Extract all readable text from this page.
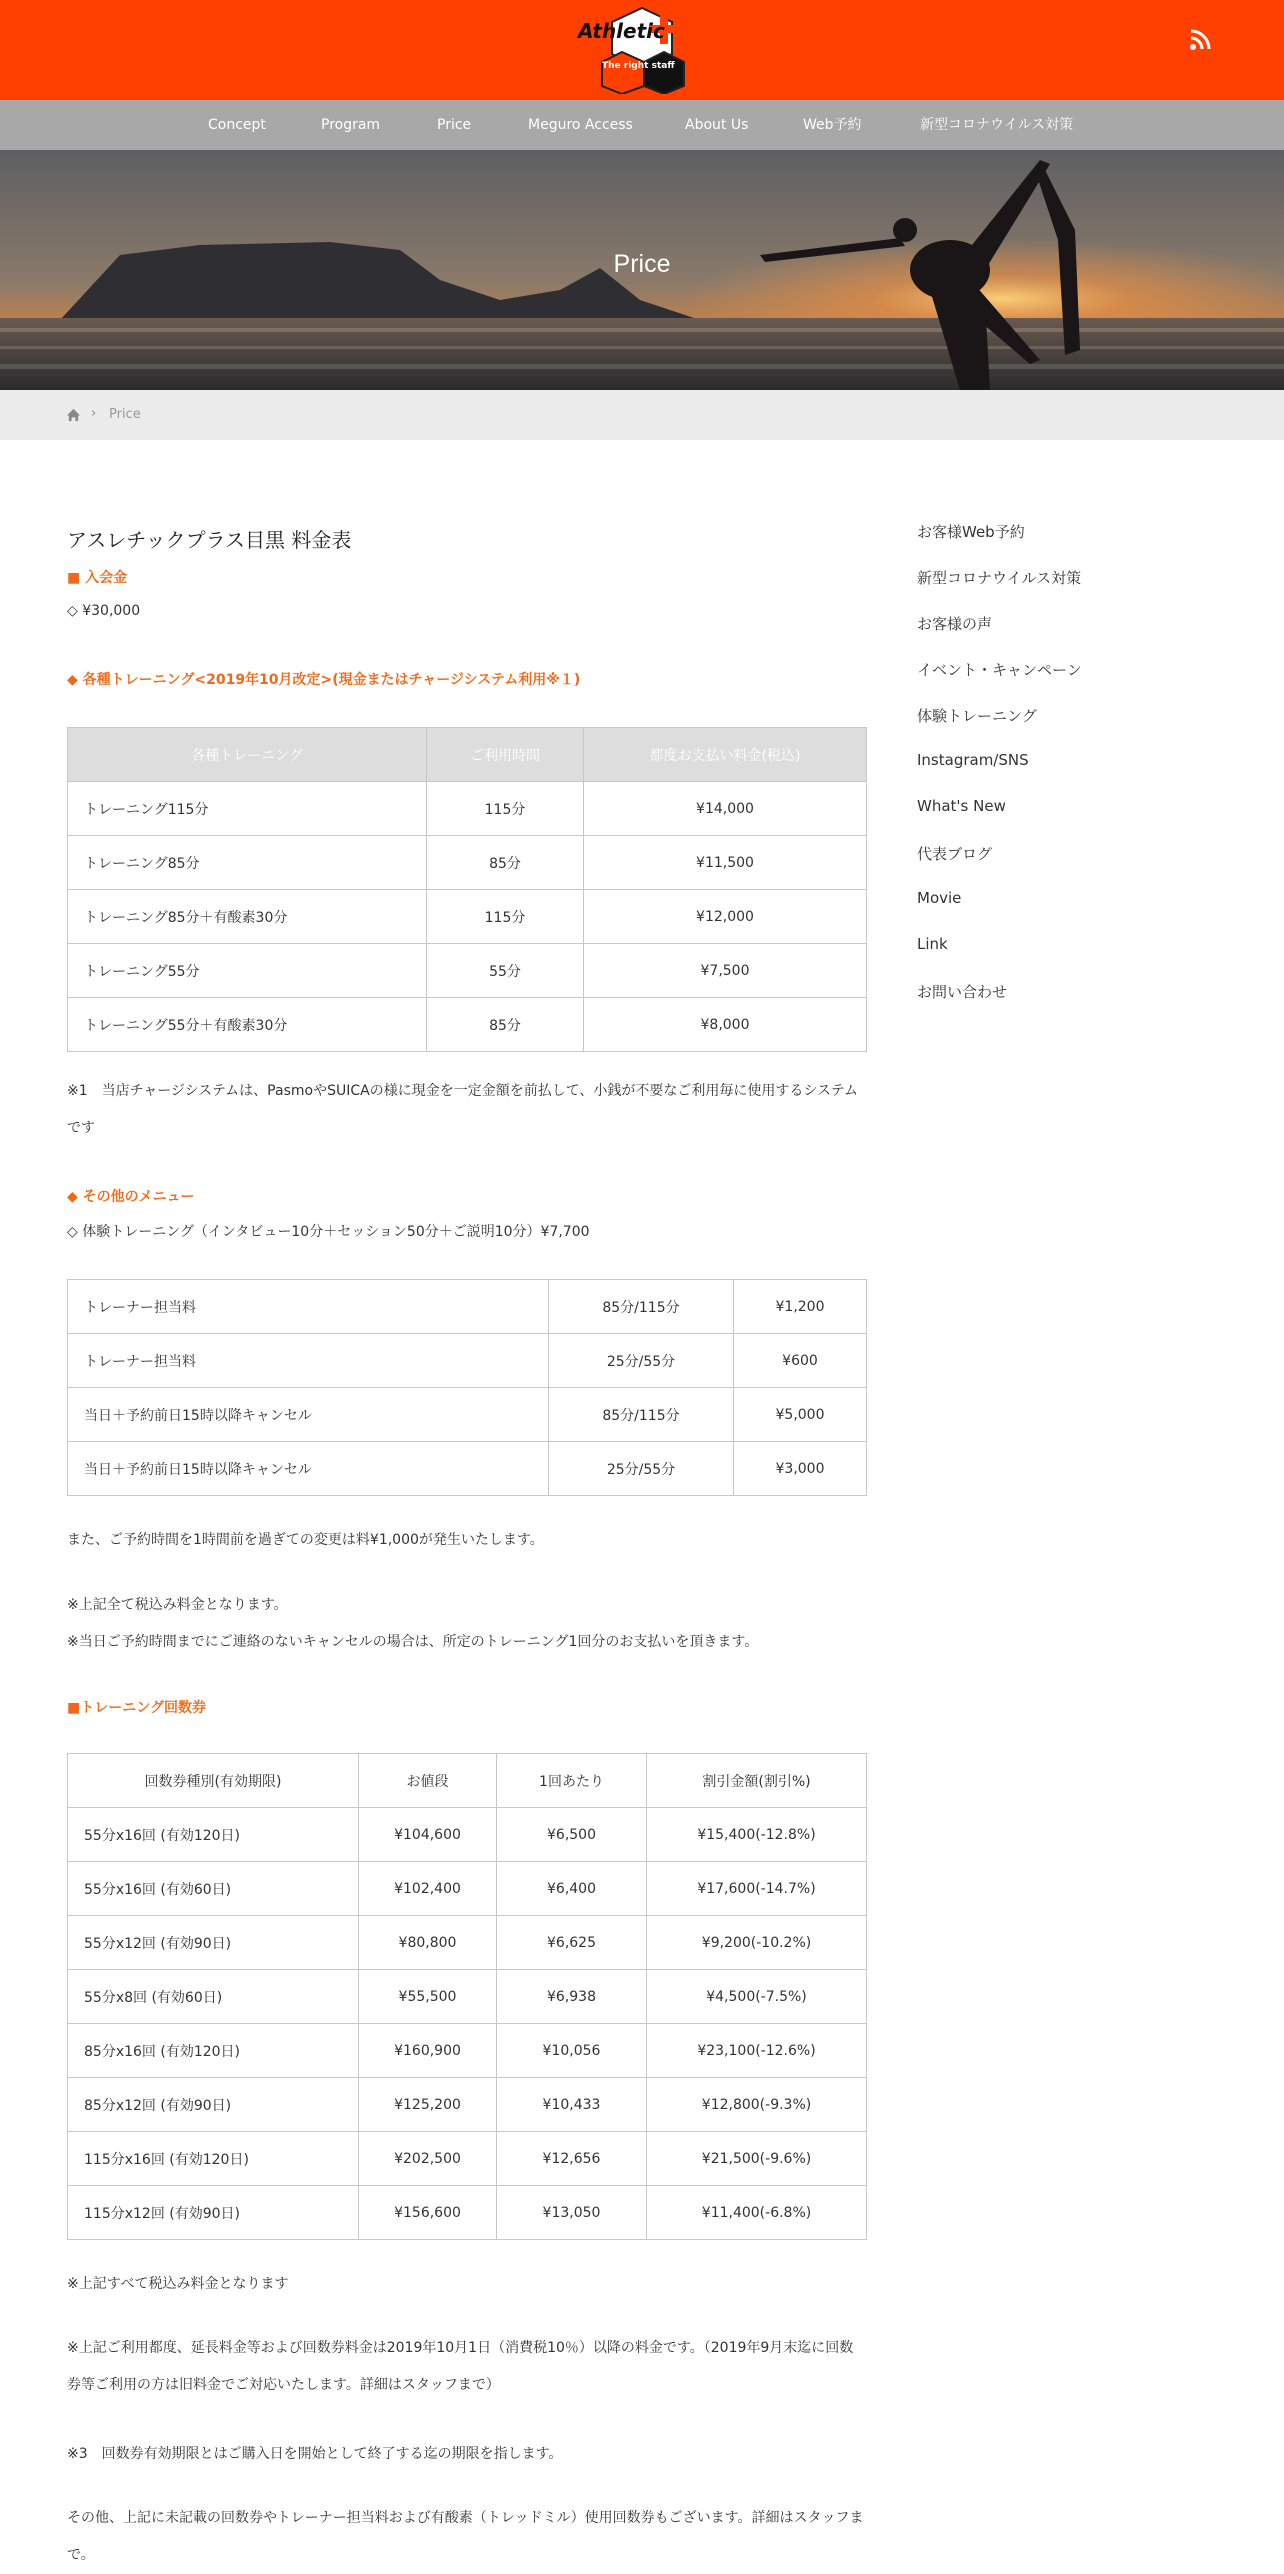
Athletic
The right staff
Concept	Program	Price	Meguro Access	About Us	Web予約	新型コロナウイルス対策
Price
› Price
アスレチックプラス目黒 料金表
■ 入会金
◇ ¥30,000
◆ 各種トレーニング<2019年10月改定>(現金またはチャージシステム利用※１)
各種トレーニング	ご利用時間	都度お支払い料金(税込)
トレーニング115分	115分	¥14,000
トレーニング85分	85分	¥11,500
トレーニング85分＋有酸素30分	115分	¥12,000
トレーニング55分	55分	¥7,500
トレーニング55分＋有酸素30分	85分	¥8,000
※1　当店チャージシステムは、PasmoやSUICAの様に現金を一定金額を前払して、小銭が不要なご利用毎に使用するシステムです
◆ その他のメニュー
◇ 体験トレーニング（インタビュー10分＋セッション50分＋ご説明10分）¥7,700
トレーナー担当料	85分/115分	¥1,200
トレーナー担当料	25分/55分	¥600
当日＋予約前日15時以降キャンセル	85分/115分	¥5,000
当日＋予約前日15時以降キャンセル	25分/55分	¥3,000
また、ご予約時間を1時間前を過ぎての変更は料¥1,000が発生いたします。
※上記全て税込み料金となります。
※当日ご予約時間までにご連絡のないキャンセルの場合は、所定のトレーニング1回分のお支払いを頂きます。
■トレーニング回数券
回数券種別(有効期限)	お値段	1回あたり	割引金額(割引%)
55分x16回 (有効120日)	¥104,600	¥6,500	¥15,400(-12.8%)
55分x16回 (有効60日)	¥102,400	¥6,400	¥17,600(-14.7%)
55分x12回 (有効90日)	¥80,800	¥6,625	¥9,200(-10.2%)
55分x8回 (有効60日)	¥55,500	¥6,938	¥4,500(-7.5%)
85分x16回 (有効120日)	¥160,900	¥10,056	¥23,100(-12.6%)
85分x12回 (有効90日)	¥125,200	¥10,433	¥12,800(-9.3%)
115分x16回 (有効120日)	¥202,500	¥12,656	¥21,500(-9.6%)
115分x12回 (有効90日)	¥156,600	¥13,050	¥11,400(-6.8%)
※上記すべて税込み料金となります
※上記ご利用都度、延長料金等および回数券料金は2019年10月1日（消費税10％）以降の料金です。（2019年9月末迄に回数券等ご利用の方は旧料金でご対応いたします。詳細はスタッフまで）
※3　回数券有効期限とはご購入日を開始として終了する迄の期限を指します。
その他、上記に未記載の回数券やトレーナー担当料および有酸素（トレッドミル）使用回数券もございます。詳細はスタッフまで。
お客様Web予約
新型コロナウイルス対策
お客様の声
イベント・キャンペーン
体験トレーニング
Instagram/SNS
What's New
代表ブログ
Movie
Link
お問い合わせ
